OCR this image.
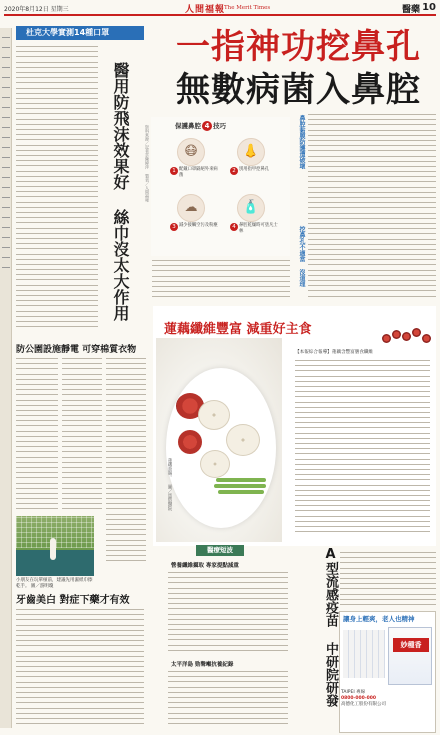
2020年8月12日 星期三	人間福報
The Merit Times	醫藥 10
杜克大學實測14種口罩
醫用防飛沫效果好 絲巾沒太大作用
防公園設施靜電 可穿棉質衣物
小朋友在玩單槓前，建議先用濕紙巾擦乾手。 圖／游明瓊
牙齒美白 對症下藥才有效
一指神功挖鼻孔
無數病菌入鼻腔
資料來源／記者雲陳緯萍 製表／人間福報	保護鼻腔 4 技巧
😷
1 配戴口罩隔絕外來病菌
👃
2 別用指甲挖鼻孔
☁
3 減少接觸空污及粉塵
🧴
4 鼻腔乾燥時可塗凡士林
鼻腔黏膜防護遭破壞
挖鼻孔不適當 沒道理
蓮藕纖維豐富 減重好主食
蓮藕香腸。 圖／馬偕醫院
【本報綜合報導】蓮藕含豐富膳食纖維
醫療短波
營養纖維攝取 專家提點減重
太平洋島 勁聲噸抗養紀錄	A型流感疫苗 中研院研發 讓身上輕爽，老人也精神
妙種香
TAIPEI 專線
0800-000-000
高德化工股份有限公司
